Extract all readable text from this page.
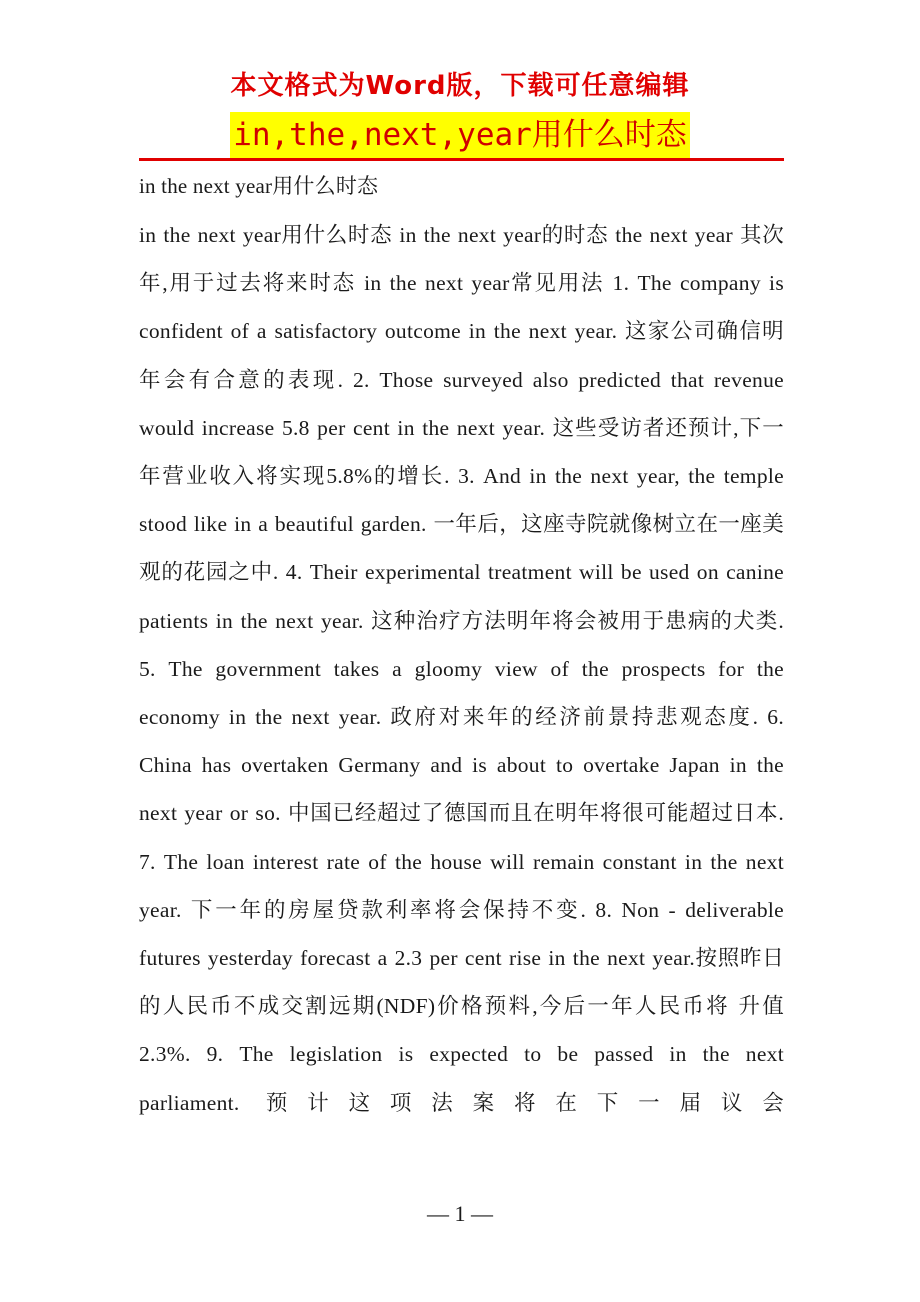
本文格式为Word版，下载可任意编辑
in,the,next,year用什么时态
in the next year用什么时态

in the next year用什么时态 in the next year的时态 the next year 其次年,用于过去将来时态 in the next year常见用法 1. The company is confident of a satisfactory outcome in the next year. 这家公司确信明年会有合意的表现. 2. Those surveyed also predicted that revenue would increase 5.8 per cent in the next year. 这些受访者还预计,下一年营业收入将实现5.8%的增长. 3. And in the next year, the temple stood like in a beautiful garden. 一年后，这座寺院就像树立在一座美观的花园之中. 4. Their experimental treatment will be used on canine patients in the next year. 这种治疗方法明年将会被用于患病的犬类. 5. The government takes a gloomy view of the prospects for the economy in the next year. 政府对来年的经济前景持悲观态度. 6. China has overtaken Germany and is about to overtake Japan in the next year or so. 中国已经超过了德国而且在明年将很可能超过日本. 7. The loan interest rate of the house will remain constant in the next year. 下一年的房屋贷款利率将会保持不变. 8. Non - deliverable futures yesterday forecast a 2.3 per cent rise in the next year.按照昨日的人民币不成交割远期(NDF)价格预料,今后一年人民币将 升值2.3%. 9. The legislation is expected to be passed in the next parliament. 预计这项法案将在下一届议会

— 1 —
